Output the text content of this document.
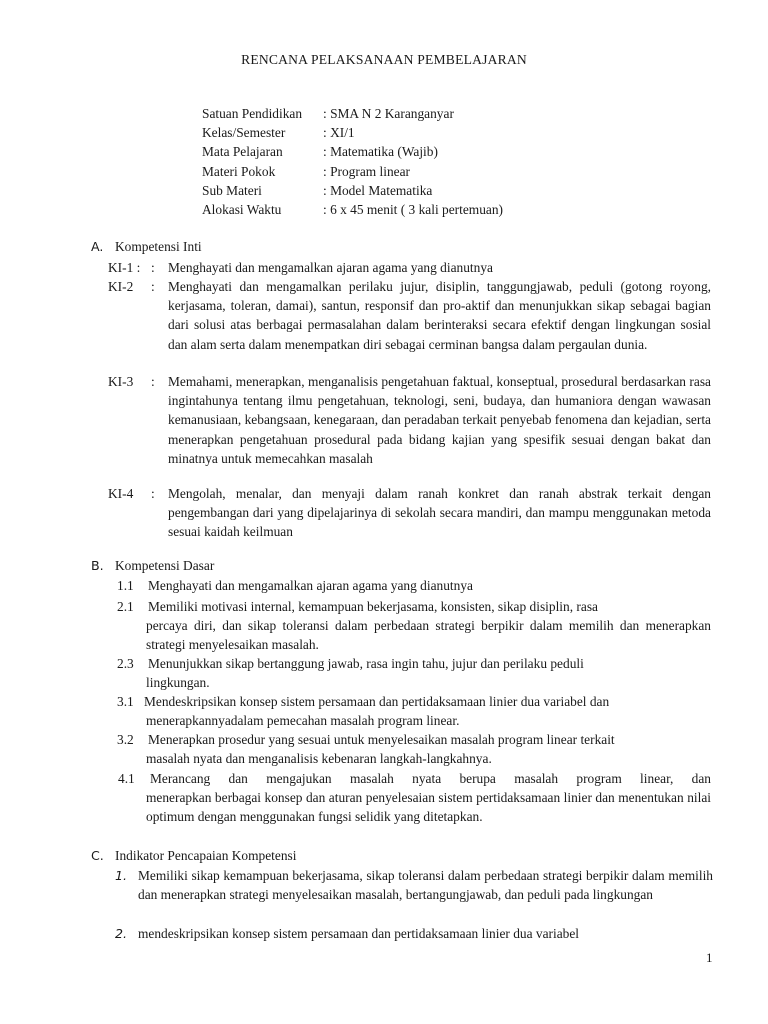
RENCANA PELAKSANAAN PEMBELAJARAN
Satuan Pendidikan	: SMA N 2 Karanganyar
Kelas/Semester	: XI/1
Mata Pelajaran	: Matematika (Wajib)
Materi Pokok	: Program linear
Sub Materi	: Model Matematika
Alokasi Waktu	: 6 x 45 menit ( 3 kali pertemuan)
A. Kompetensi Inti
KI-1 : : Menghayati dan mengamalkan ajaran agama yang dianutnya
KI-2 : Menghayati dan mengamalkan perilaku jujur, disiplin, tanggungjawab, peduli (gotong royong, kerjasama, toleran, damai), santun, responsif dan pro-aktif dan menunjukkan sikap sebagai bagian dari solusi atas berbagai permasalahan dalam berinteraksi secara efektif dengan lingkungan sosial dan alam serta dalam menempatkan diri sebagai cerminan bangsa dalam pergaulan dunia.
KI-3 : Memahami, menerapkan, menganalisis pengetahuan faktual, konseptual, prosedural berdasarkan rasa ingintahunya tentang ilmu pengetahuan, teknologi, seni, budaya, dan humaniora dengan wawasan kemanusiaan, kebangsaan, kenegaraan, dan peradaban terkait penyebab fenomena dan kejadian, serta menerapkan pengetahuan prosedural pada bidang kajian yang spesifik sesuai dengan bakat dan minatnya untuk memecahkan masalah
KI-4 : Mengolah, menalar, dan menyaji dalam ranah konkret dan ranah abstrak terkait dengan pengembangan dari yang dipelajarinya di sekolah secara mandiri, dan mampu menggunakan metoda sesuai kaidah keilmuan
B. Kompetensi Dasar
1.1 Menghayati dan mengamalkan ajaran agama yang dianutnya
2.1 Memiliki motivasi internal, kemampuan bekerjasama, konsisten, sikap disiplin, rasa
percaya diri, dan sikap toleransi dalam perbedaan strategi berpikir dalam memilih dan menerapkan strategi menyelesaikan masalah.
2.3 Menunjukkan sikap bertanggung jawab, rasa ingin tahu, jujur dan perilaku peduli
lingkungan.
3.1 Mendeskripsikan konsep sistem persamaan dan pertidaksamaan linier dua variabel dan
menerapkannyadalam pemecahan masalah program linear.
3.2 Menerapkan prosedur yang sesuai untuk menyelesaikan masalah program linear terkait
masalah nyata dan menganalisis kebenaran langkah-langkahnya.
4.1 Merancang dan mengajukan masalah nyata berupa masalah program linear, dan
menerapkan berbagai konsep dan aturan penyelesaian sistem pertidaksamaan linier dan menentukan nilai optimum dengan menggunakan fungsi selidik yang ditetapkan.
C. Indikator Pencapaian Kompetensi
1. Memiliki sikap kemampuan bekerjasama, sikap toleransi dalam perbedaan strategi berpikir dalam memilih dan menerapkan strategi menyelesaikan masalah, bertangungjawab, dan peduli pada lingkungan
2. mendeskripsikan konsep sistem persamaan dan pertidaksamaan linier dua variabel
1
